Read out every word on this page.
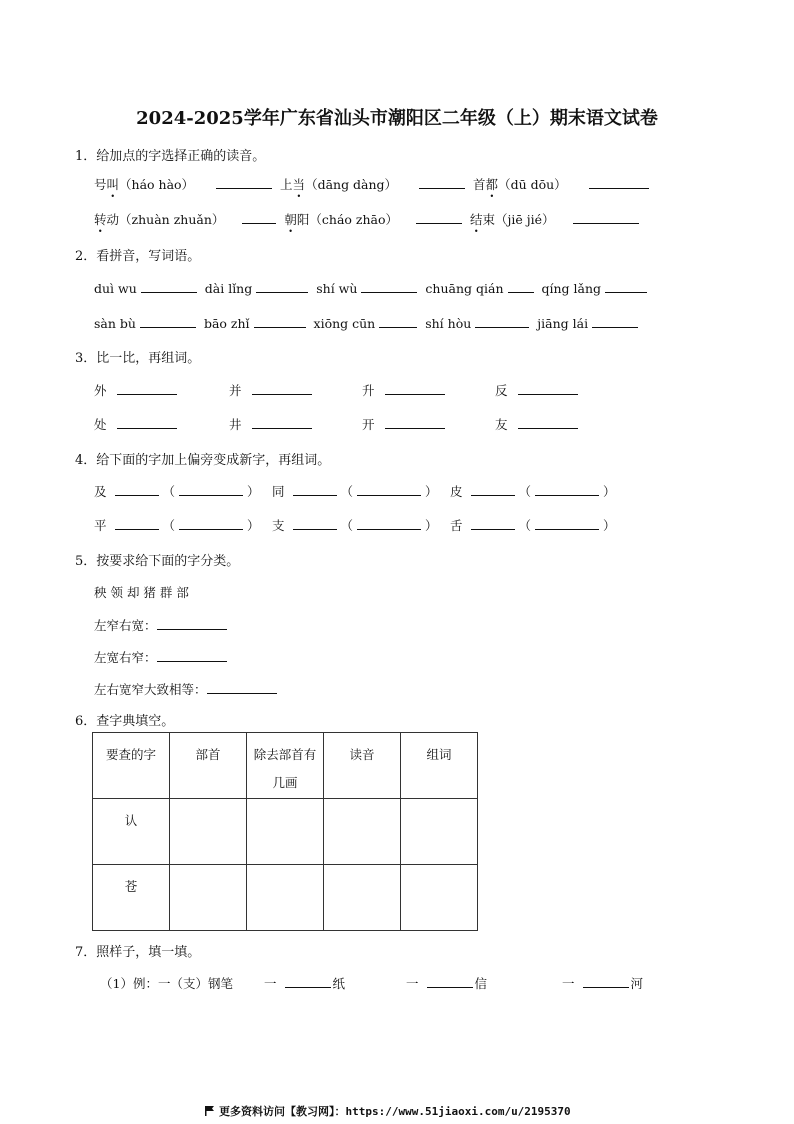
2024-2025学年广东省汕头市潮阳区二年级（上）期末语文试卷
1．给加点的字选择正确的读音。
号叫（háo hào）	上当（dāng dàng）	首都（dū dōu）
转动（zhuàn zhuǎn）	朝阳（cháo zhāo）	结束（jiē jié）
2．看拼音，写词语。
duì wu	dài lǐng	shí wù	chuāng qián	qíng lǎng
sàn bù	bāo zhǐ	xiōng cūn	shí hòu	jiāng lái
3．比一比，再组词。
外	并	升	反
处	井	开	友
4．给下面的字加上偏旁变成新字，再组词。
及	（	） 同	（	） 皮	（	）
平	（	） 支	（	） 舌	（	）
5．按要求给下面的字分类。
秧 领 却 猪 群 部
左窄右宽：
左宽右窄：
左右宽窄大致相等：
6．查字典填空。
要查的字	部首	除去部首有几画	读音	组词
认				
苍				
7．照样子，填一填。
（1）例：一（支）钢笔 一	纸	一	信	一	河
更多资料访问【教习网】：https://www.51jiaoxi.com/u/2195370
